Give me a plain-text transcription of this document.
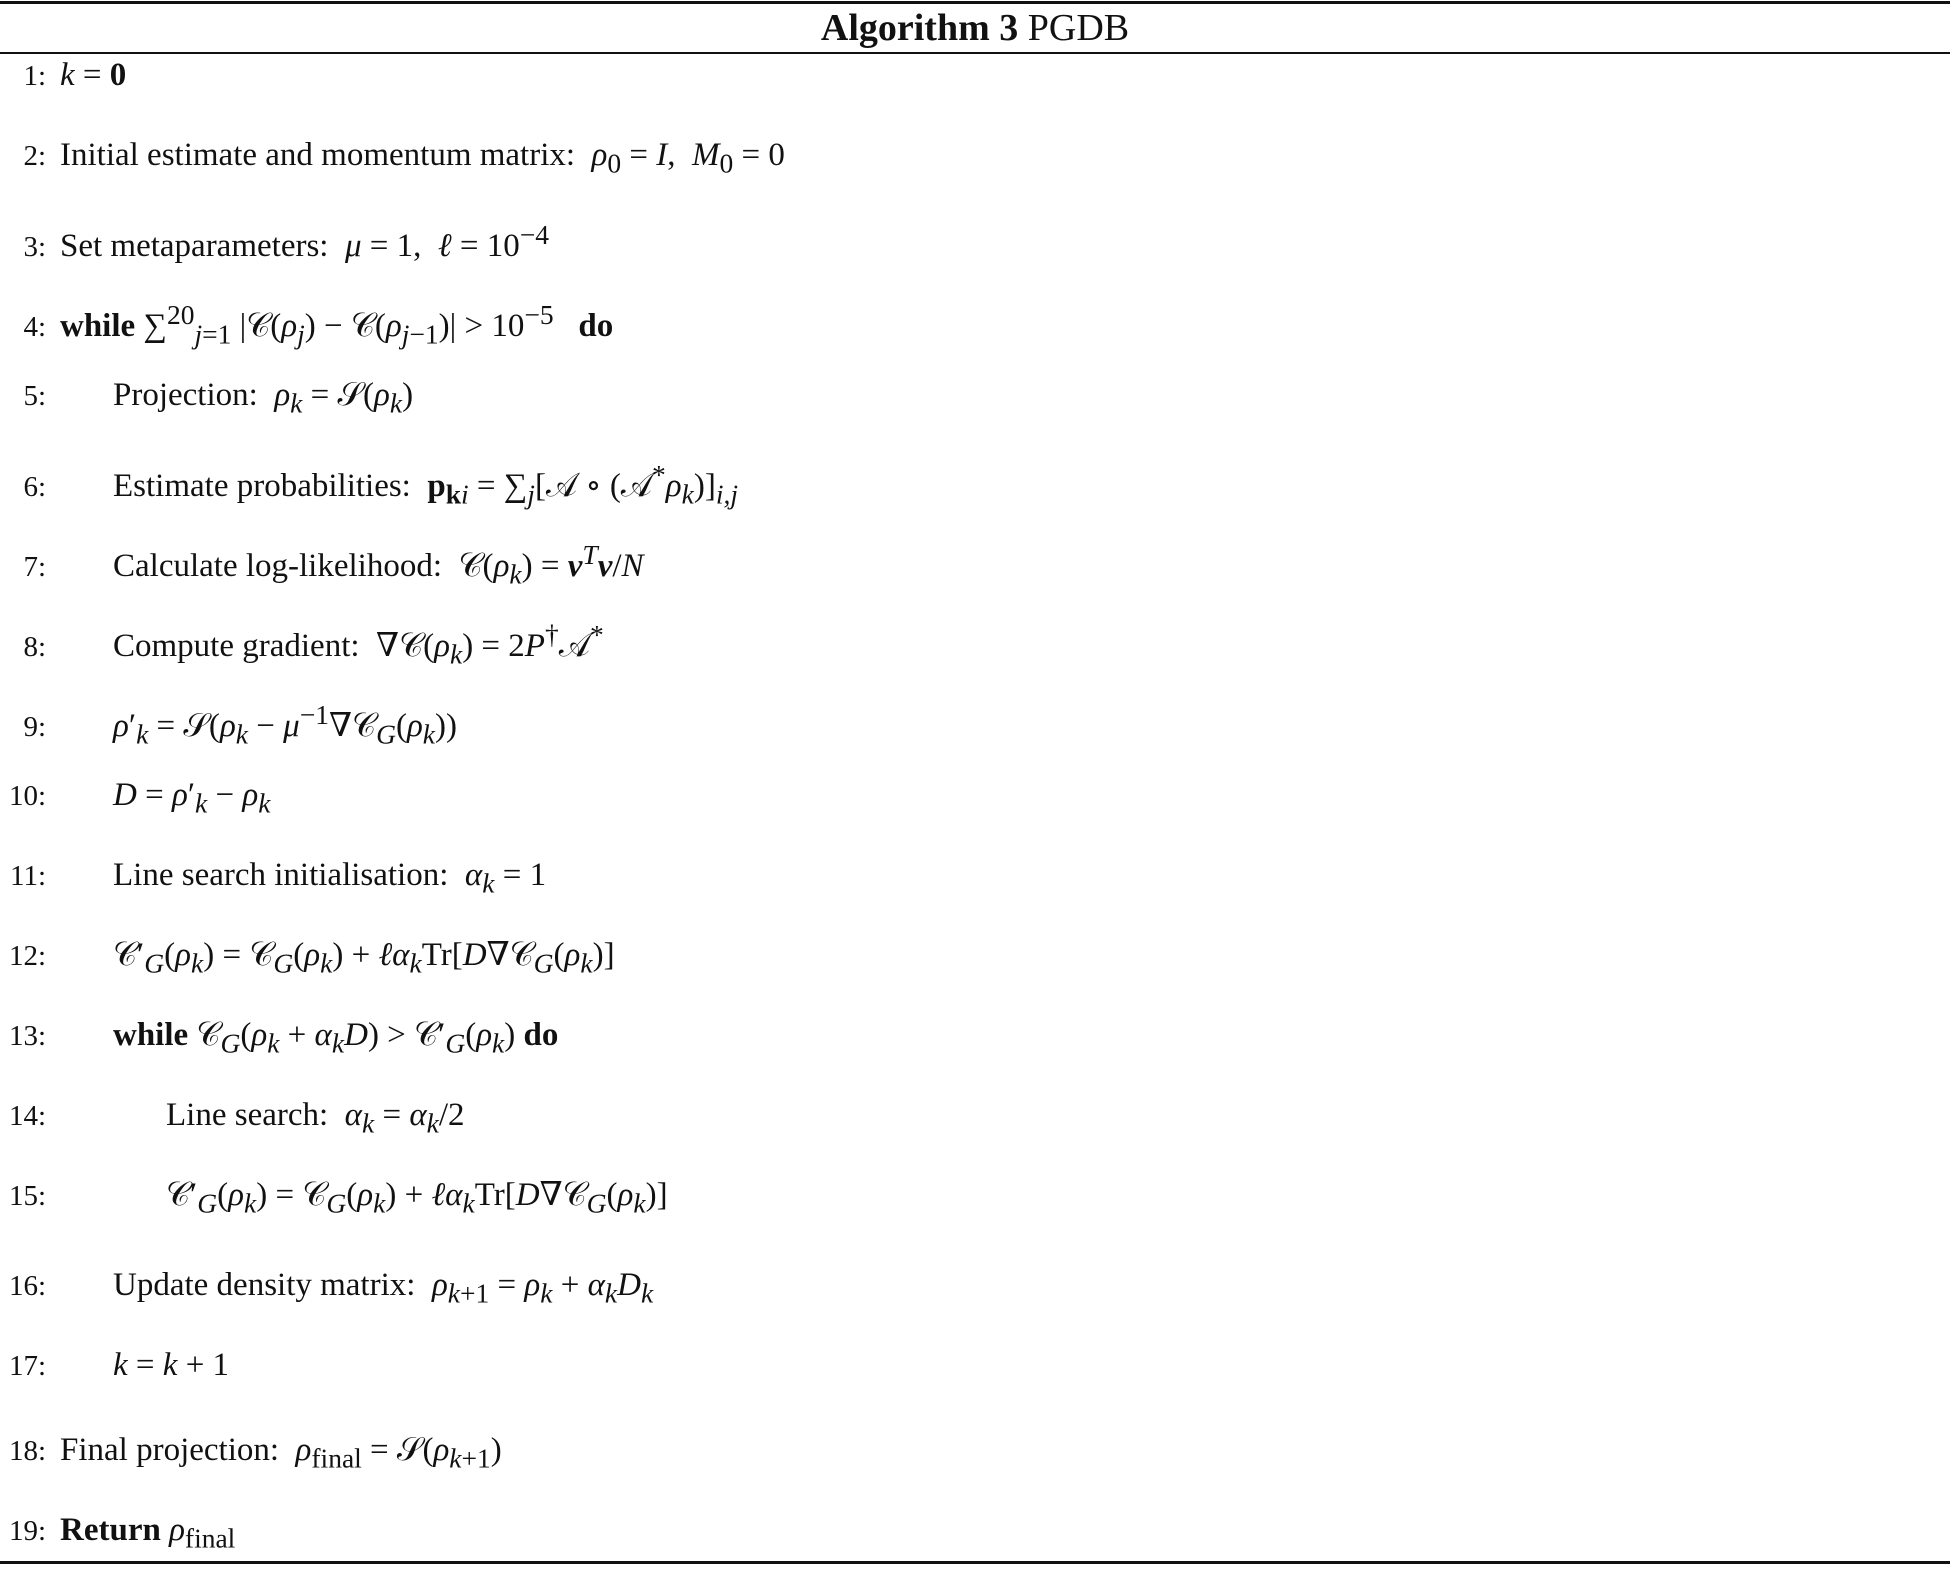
Algorithm 3 PGDB
1: k = 0
2: Initial estimate and momentum matrix:  $\rho_0 = I$,  $M_0 = 0$
3: Set metaparameters:  μ = 1,  ℓ = $10^{-4}$
4: while ∑$^{20}_{j=1}$ $|𝒞(\rho_j)$ − $𝒞(\rho_{j-1})| > 10^{-5}$ do
5: Projection:  $\rho_k$ = $𝒮(\rho_k)$
6: Estimate probabilities:  $p_{ki}$ = $\sum_j[𝒜$ ∘ $(𝒜^*\rho_k)]_{i,j}$
7: Calculate log-likelihood:  $𝒞(\rho_k) = \nu^T\nu/N$
8: Compute gradient:  $\nabla 𝒞(\rho_k)$ = 2P†𝒜*
9: $\rho'_k$ = $𝒮(\rho_k$ − $\mu^{-1}\nabla 𝒞_G(\rho_k)$)
10: $D = \rho'_k - \rho_k$
11: Line search initialisation:  $\alpha_k = 1$
12: $𝒞'_G(\rho_k)$ = $𝒞_G(\rho_k)$ + $\ell\alpha_kTr[D\nabla 𝒞_G(\rho_k)]$
13: while $𝒞_G(\rho_k + \alpha_kD)$ > $𝒞'_G(\rho_k)$ do
14:	Line search:  $\alpha_k = \alpha_k/2$
15:	$𝒞'_G(\rho_k)$ = $𝒞_G(\rho_k)$ + $\ell\alpha_kTr[D\nabla 𝒞_G(\rho_k)]$
16: Update density matrix:  $\rho_{k+1} = \rho_k + \alpha_kD_k$
17: k = k + 1
18: Final projection:  $\rho_{final}$ = $𝒮(\rho_{k+1})$
19: Return $\rho_{final}$
